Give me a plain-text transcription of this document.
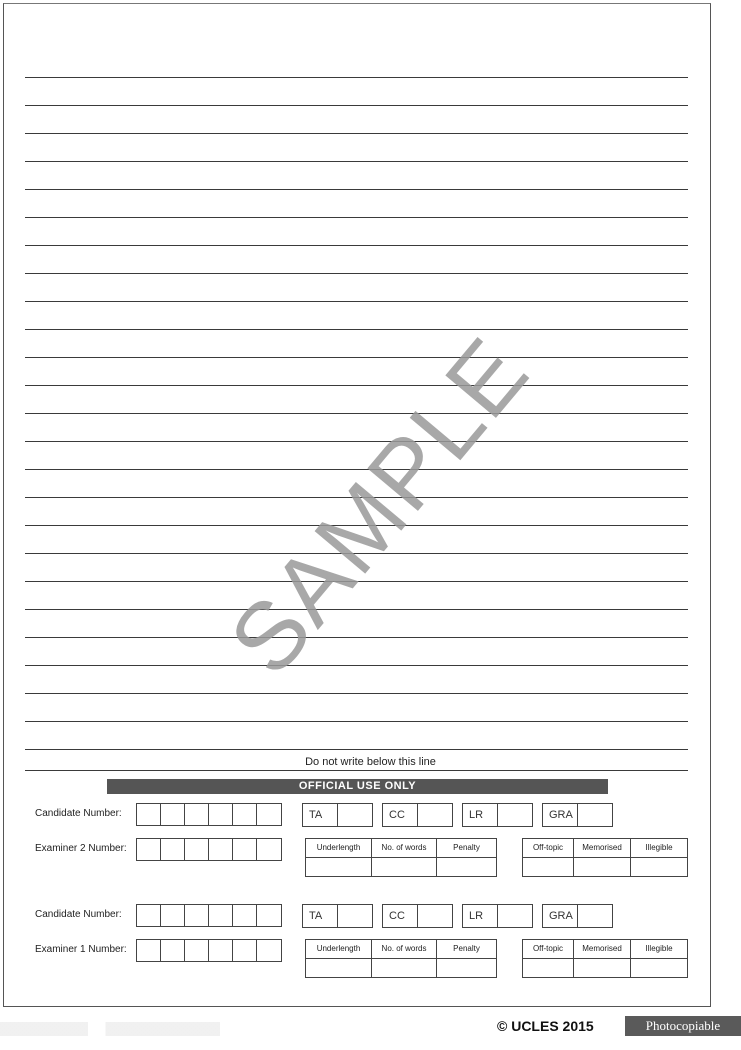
SAMPLE
Do not write below this line
OFFICIAL USE ONLY
Candidate Number:	TA	CC	LR	GRA
Examiner 2 Number:	Underlength	No. of words	Penalty	Off-topic	Memorised	Illegible
Candidate Number:	TA	CC	LR	GRA
Examiner 1 Number:	Underlength	No. of words	Penalty	Off-topic	Memorised	Illegible
© UCLES 2015	Photocopiable
